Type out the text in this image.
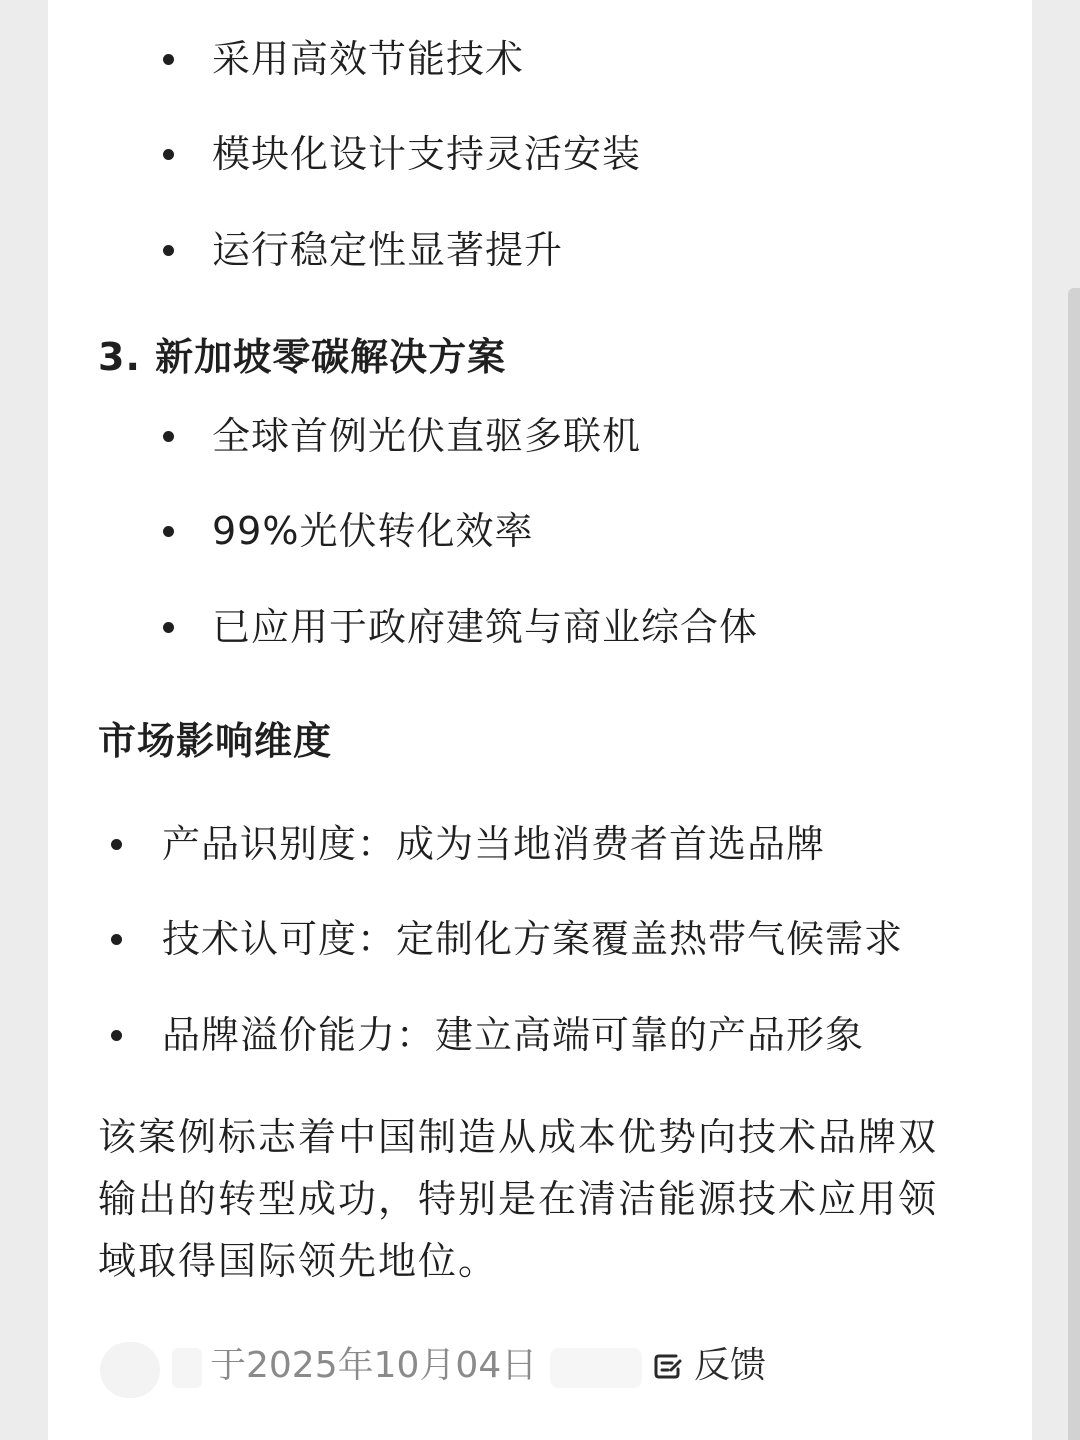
采用高效节能技术
模块化设计支持灵活安装
运行稳定性显著提升
3. 新加坡零碳解决方案
全球首例光伏直驱多联机
99%光伏转化效率
已应用于政府建筑与商业综合体
市场影响维度
产品识别度：成为当地消费者首选品牌
技术认可度：定制化方案覆盖热带气候需求
品牌溢价能力：建立高端可靠的产品形象
该案例标志着中国制造从成本优势向技术品牌双
输出的转型成功，特别是在清洁能源技术应用领
域取得国际领先地位。
于2025年10月04日	反馈
